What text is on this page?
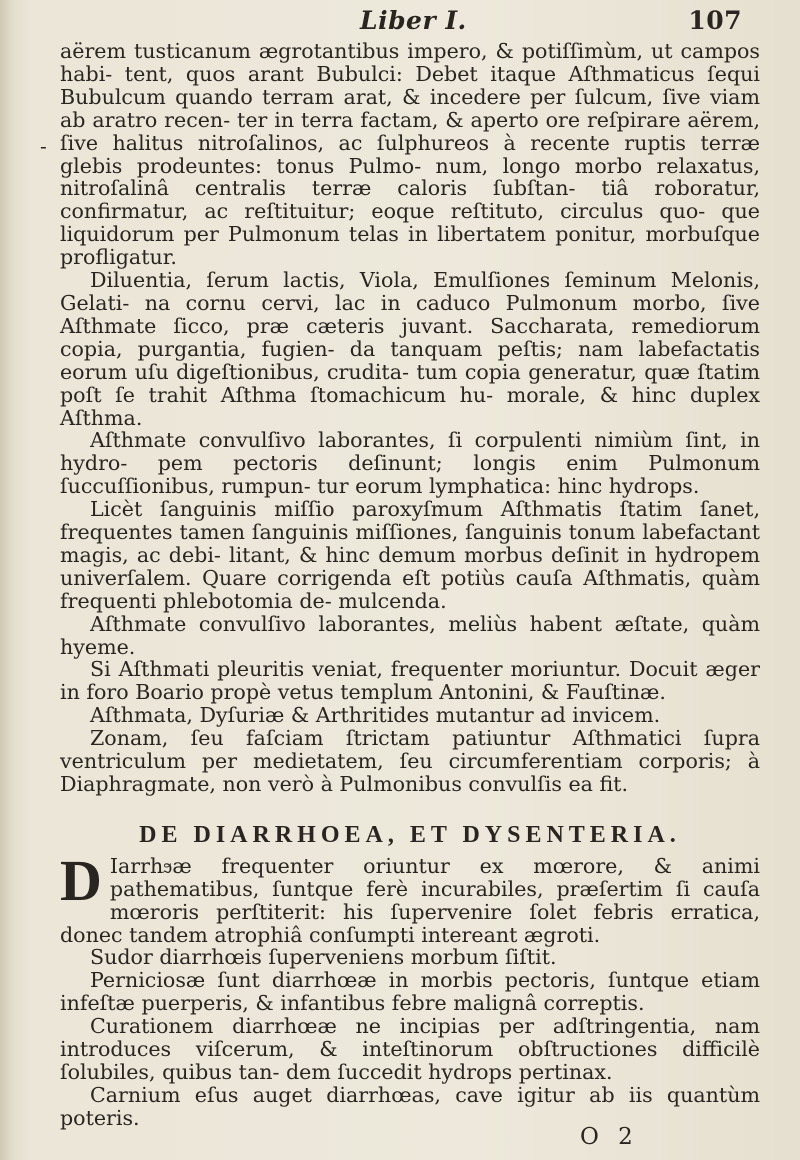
Liber I.	107
-

aërem tusticanum ægrotantibus impero, & potiſſimùm, ut campos habi- tent, quos arant Bubulci: Debet itaque Aſthmaticus ſequi Bubulcum quando terram arat, & incedere per ſulcum, ſive viam ab aratro recen- ter in terra factam, & aperto ore reſpirare aërem, ſive halitus nitroſalinos, ac ſulphureos à recente ruptis terræ glebis prodeuntes: tonus Pulmo- num, longo morbo relaxatus, nitroſalinâ centralis terræ caloris ſubſtan- tiâ roboratur, confirmatur, ac reſtituitur; eoque reſtituto, circulus quo- que liquidorum per Pulmonum telas in libertatem ponitur, morbuſque profligatur.

Diluentia, ſerum lactis, Viola, Emulſiones ſeminum Melonis, Gelati- na cornu cervi, lac in caduco Pulmonum morbo, ſive Aſthmate ſicco, præ cæteris juvant. Saccharata, remediorum copia, purgantia, fugien- da tanquam peſtis; nam labefactatis eorum uſu digeſtionibus, crudita- tum copia generatur, quæ ſtatim poſt ſe trahit Aſthma ſtomachicum hu- morale, & hinc duplex Aſthma.

Aſthmate convulſivo laborantes, ſi corpulenti nimiùm ſint, in hydro- pem pectoris deſinunt; longis enim Pulmonum ſuccuſſionibus, rumpun- tur eorum lymphatica: hinc hydrops.

Licèt ſanguinis miſſio paroxyſmum Aſthmatis ſtatim ſanet, frequentes tamen ſanguinis miſſiones, ſanguinis tonum labefactant magis, ac debi- litant, & hinc demum morbus deſinit in hydropem univerſalem. Quare corrigenda eſt potiùs cauſa Aſthmatis, quàm frequenti phlebotomia de- mulcenda.

Aſthmate convulſivo laborantes, meliùs habent æſtate, quàm hyeme.

Si Aſthmati pleuritis veniat, frequenter moriuntur. Docuit æger in foro Boario propè vetus templum Antonini, & Fauſtinæ.

Aſthmata, Dyſuriæ & Arthritides mutantur ad invicem.

Zonam, ſeu faſciam ſtrictam patiuntur Aſthmatici ſupra ventriculum per medietatem, ſeu circumferentiam corporis; à Diaphragmate, non verò à Pulmonibus convulſis ea fit.

DE DIARRHOEA, ET DYSENTERIA.

D Iarrhϧæ frequenter oriuntur ex mœrore, & animi pathematibus, ſuntque ferè incurabiles, præſertim ſi cauſa mœroris perſtiterit: his ſupervenire ſolet febris erratica, donec tandem atrophiâ conſumpti intereant ægroti.

Sudor diarrhœis ſuperveniens morbum ſiſtit.

Perniciosæ ſunt diarrhœæ in morbis pectoris, ſuntque etiam infeſtæ puerperis, & infantibus febre malignâ correptis.

Curationem diarrhœæ ne incipias per adſtringentia, nam introduces viſcerum, & inteſtinorum obſtructiones difficilè ſolubiles, quibus tan- dem ſuccedit hydrops pertinax.

Carnium eſus auget diarrhœas, cave igitur ab iis quantùm poteris.

O 2
